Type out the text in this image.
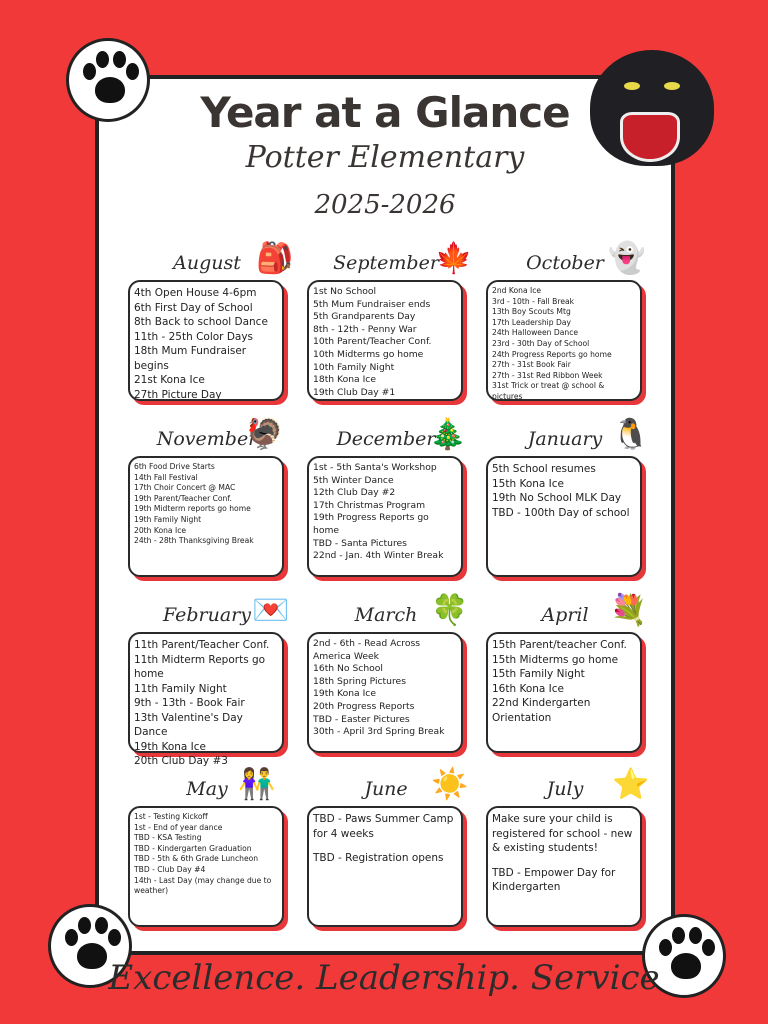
Year at a Glance
Potter Elementary
2025-2026
August

4th Open House 4-6pm

6th First Day of School

8th Back to school Dance

11th - 25th Color Days

18th Mum Fundraiser begins

21st Kona Ice

27th Picture Day

🎒	September

1st No School

5th Mum Fundraiser ends

5th Grandparents Day

8th - 12th - Penny War

10th Parent/Teacher Conf.

10th Midterms go home

10th Family Night

18th Kona Ice

19th Club Day #1

🍁	October

2nd Kona Ice

3rd - 10th - Fall Break

13th Boy Scouts Mtg

17th Leadership Day

24th Halloween Dance

23rd - 30th Day of School

24th Progress Reports go home

27th - 31st Book Fair

27th - 31st Red Ribbon Week

31st Trick or treat @ school & pictures

👻
November

6th Food Drive Starts

14th Fall Festival

17th Choir Concert @ MAC

19th Parent/Teacher Conf.

19th Midterm reports go home

19th Family Night

20th Kona Ice

24th - 28th Thanksgiving Break

🦃	December

1st - 5th Santa's Workshop

5th Winter Dance

12th Club Day #2

17th Christmas Program

19th Progress Reports go home

TBD - Santa Pictures

22nd - Jan. 4th Winter Break

🎄	January

5th School resumes

15th Kona Ice

19th No School MLK Day

TBD - 100th Day of school

🐧
February

11th Parent/Teacher Conf.

11th Midterm Reports go home

11th Family Night

9th - 13th - Book Fair

13th Valentine's Day Dance

19th Kona Ice

20th Club Day #3

💌	March

2nd - 6th - Read Across America Week

16th No School

18th Spring Pictures

19th Kona Ice

20th Progress Reports

TBD - Easter Pictures

30th - April 3rd Spring Break

🍀	April

15th Parent/teacher Conf.

15th Midterms go home

15th Family Night

16th Kona Ice

22nd Kindergarten Orientation

💐
May

1st - Testing Kickoff

1st - End of year dance

TBD - KSA Testing

TBD - Kindergarten Graduation

TBD - 5th & 6th Grade Luncheon

TBD - Club Day #4

14th - Last Day (may change due to weather)

👫	June

TBD - Paws Summer Camp for 4 weeks

TBD - Registration opens

☀️	July

Make sure your child is registered for school - new & existing students!

TBD - Empower Day for Kindergarten

⭐
Excellence. Leadership. Service
